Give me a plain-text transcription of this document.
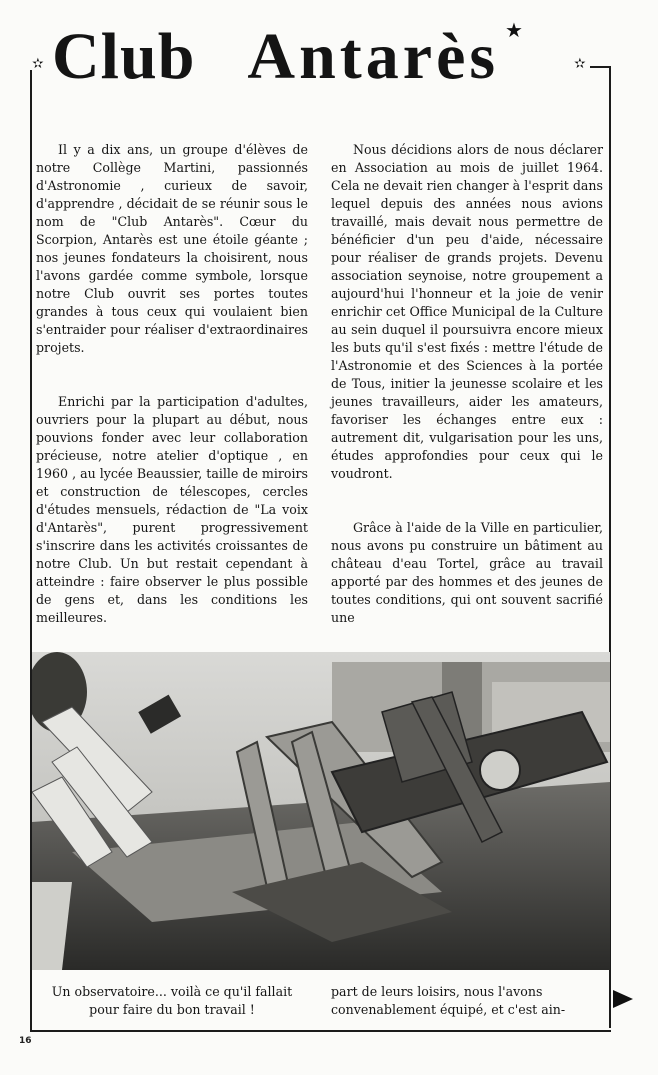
Club Antarès
✫
★
✫

Il y a dix ans, un groupe d'élèves de notre Collège Martini, passionnés d'Astronomie , curieux de savoir, d'apprendre , décidait de se réunir sous le nom de "Club Antarès". Cœur du Scorpion, Antarès est une étoile géante ; nos jeunes fondateurs la choisirent, nous l'avons gardée comme symbole, lorsque notre Club ouvrit ses portes toutes grandes à tous ceux qui voulaient bien s'entraider pour réaliser d'extraordinaires projets.

Enrichi par la participation d'adultes, ouvriers pour la plupart au début, nous pouvions fonder avec leur collaboration précieuse, notre atelier d'optique , en 1960 , au lycée Beaussier, taille de miroirs et construction de télescopes, cercles d'études mensuels, rédaction de "La voix d'Antarès", purent progressivement s'inscrire dans les activités croissantes de notre Club. Un but restait cependant à atteindre : faire observer le plus possible de gens et, dans les conditions les meilleures.

Nous décidions alors de nous déclarer en Association au mois de juillet 1964. Cela ne devait rien changer à l'esprit dans lequel depuis des années nous avions travaillé, mais devait nous permettre de bénéficier d'un peu d'aide, nécessaire pour réaliser de grands projets. Devenu association seynoise, notre groupement a aujourd'hui l'honneur et la joie de venir enrichir cet Office Municipal de la Culture au sein duquel il poursuivra encore mieux les buts qu'il s'est fixés : mettre l'étude de l'Astronomie et des Sciences à la portée de Tous, initier la jeunesse scolaire et les jeunes travailleurs, aider les amateurs, favoriser les échanges entre eux : autrement dit, vulgarisation pour les uns, études approfondies pour ceux qui le voudront.

Grâce à l'aide de la Ville en particulier, nous avons pu construire un bâtiment au château d'eau Tortel, grâce au travail apporté par des hommes et des jeunes de toutes conditions, qui ont souvent sacrifié une

Un observatoire... voilà ce qu'il fallait pour faire du bon travail !
part de leurs loisirs, nous l'avons
convenablement équipé, et c'est ain-
16
